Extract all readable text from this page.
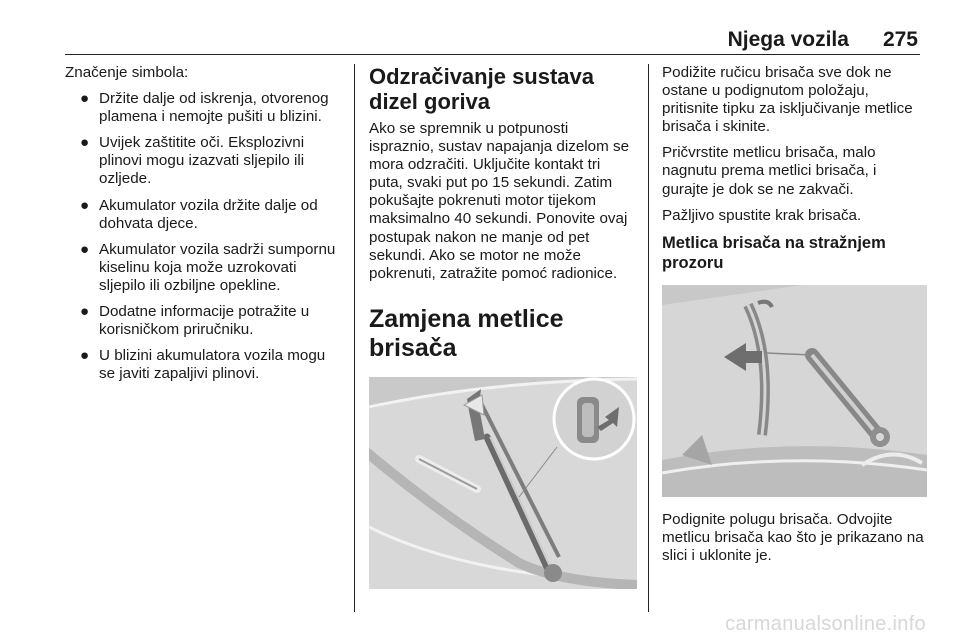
Njega vozila 275

Značenje simbola:

● Držite dalje od iskrenja, otvorenog plamena i nemojte pušiti u blizini.
● Uvijek zaštitite oči. Eksplozivni plinovi mogu izazvati sljepilo ili ozljede.
● Akumulator vozila držite dalje od dohvata djece.
● Akumulator vozila sadrži sumpornu kiselinu koja može uzrokovati sljepilo ili ozbiljne opekline.
● Dodatne informacije potražite u korisničkom priručniku.
● U blizini akumulatora vozila mogu se javiti zapaljivi plinovi.
Odzračivanje sustava dizel goriva

Ako se spremnik u potpunosti ispraznio, sustav napajanja dizelom se mora odzračiti. Uključite kontakt tri puta, svaki put po 15 sekundi. Zatim pokušajte pokrenuti motor tijekom maksimalno 40 sekundi. Ponovite ovaj postupak nakon ne manje od pet sekundi. Ako se motor ne može pokrenuti, zatražite pomoć radionice.

Zamjena metlice brisača

Podižite ručicu brisača sve dok ne ostane u podignutom položaju, pritisnite tipku za isključivanje metlice brisača i skinite.

Pričvrstite metlicu brisača, malo nagnutu prema metlici brisača, i gurajte je dok se ne zakvači.

Pažljivo spustite krak brisača.

Metlica brisača na stražnjem prozoru

Podignite polugu brisača. Odvojite metlicu brisača kao što je prikazano na slici i uklonite je.

carmanualsonline.info
